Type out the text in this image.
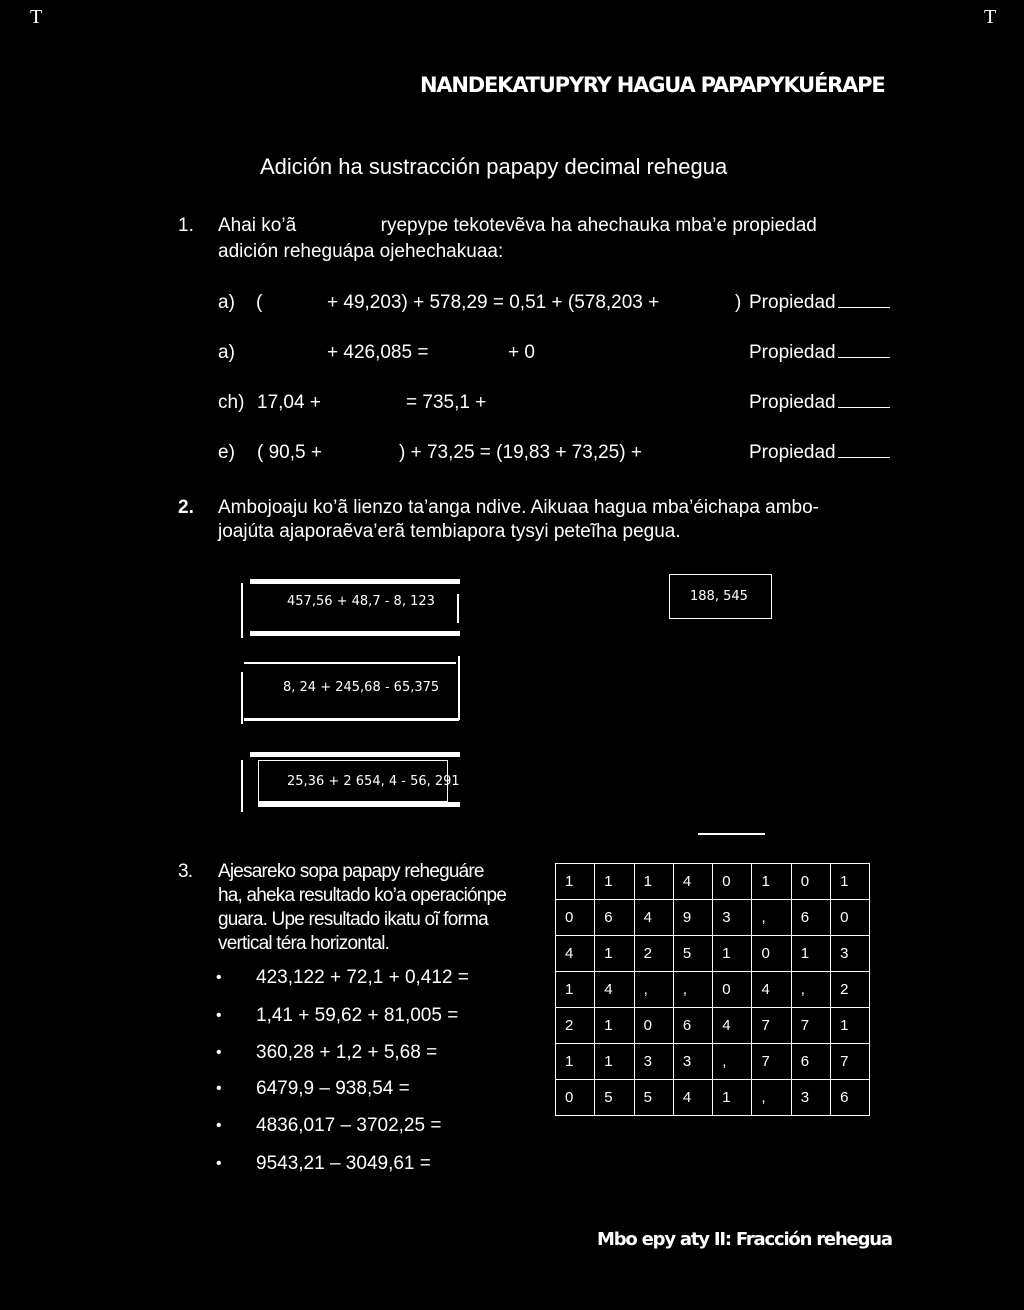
T	T
NANDEKATUPYRY HAGUA PAPAPYKUÉRAPE
Adición ha sustracción papapy decimal rehegua
1. Ahai ko’ã                ryepype tekotevẽva ha ahechauka mba’e propiedad
adición reheguápa ojehechakuaa:
a) (	+ 49,203) + 578,29 = 0,51 + (578,203 +	) Propiedad
a)	+ 426,085 =	+ 0	Propiedad
ch) 17,04 +	= 735,1 +	Propiedad
e) ( 90,5 +	) + 73,25 = (19,83 + 73,25) +	Propiedad
2. Ambojoaju ko’ã lienzo ta’anga ndive. Aikuaa hagua mba’éichapa ambo-
joajúta ajaporaẽva’erã tembiapora tysyi peteĩha pegua.
457,56 + 48,7 - 8, 123	188, 545
8, 24 + 245,68 - 65,375
25,36 + 2 654, 4 - 56, 291
3. Ajesareko sopa papapy reheguáre
ha, aheka resultado ko’a operaciónpe
guara. Upe resultado ikatu oĩ forma
vertical téra horizontal.
• 423,122 + 72,1 + 0,412 =
• 1,41 + 59,62 + 81,005 =
• 360,28 + 1,2 + 5,68 =
• 6479,9 – 938,54 =
• 4836,017 – 3702,25 =
• 9543,21 – 3049,61 =
1	1	1	4	0	1	0	1
0	6	4	9	3	,	6	0
4	1	2	5	1	0	1	3
1	4	,	,	0	4	,	2
2	1	0	6	4	7	7	1
1	1	3	3	,	7	6	7
0	5	5	4	1	,	3	6
Mbo epy aty II: Fracción rehegua
